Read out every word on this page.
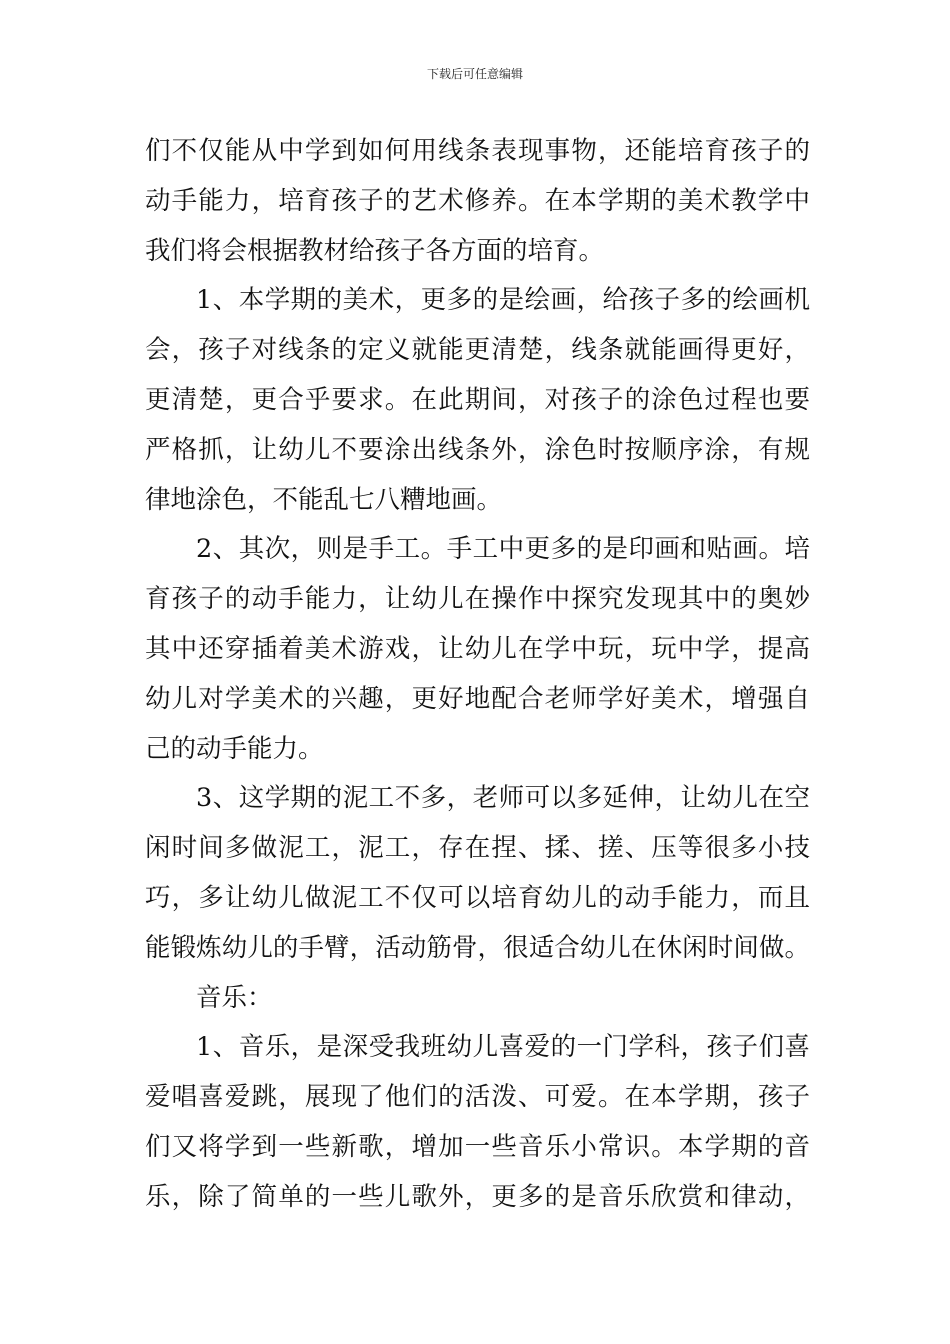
下载后可任意编辑
们不仅能从中学到如何用线条表现事物，还能培育孩子的
动手能力，培育孩子的艺术修养。在本学期的美术教学中
我们将会根据教材给孩子各方面的培育。
1、本学期的美术，更多的是绘画，给孩子多的绘画机
会，孩子对线条的定义就能更清楚，线条就能画得更好，
更清楚，更合乎要求。在此期间，对孩子的涂色过程也要
严格抓，让幼儿不要涂出线条外，涂色时按顺序涂，有规
律地涂色，不能乱七八糟地画。
2、其次，则是手工。手工中更多的是印画和贴画。培
育孩子的动手能力，让幼儿在操作中探究发现其中的奥妙
其中还穿插着美术游戏，让幼儿在学中玩，玩中学，提高
幼儿对学美术的兴趣，更好地配合老师学好美术，增强自
己的动手能力。
3、这学期的泥工不多，老师可以多延伸，让幼儿在空
闲时间多做泥工，泥工，存在捏、揉、搓、压等很多小技
巧，多让幼儿做泥工不仅可以培育幼儿的动手能力，而且
能锻炼幼儿的手臂，活动筋骨，很适合幼儿在休闲时间做。
音乐：
1、音乐，是深受我班幼儿喜爱的一门学科，孩子们喜
爱唱喜爱跳，展现了他们的活泼、可爱。在本学期，孩子
们又将学到一些新歌，增加一些音乐小常识。本学期的音
乐，除了简单的一些儿歌外，更多的是音乐欣赏和律动，
